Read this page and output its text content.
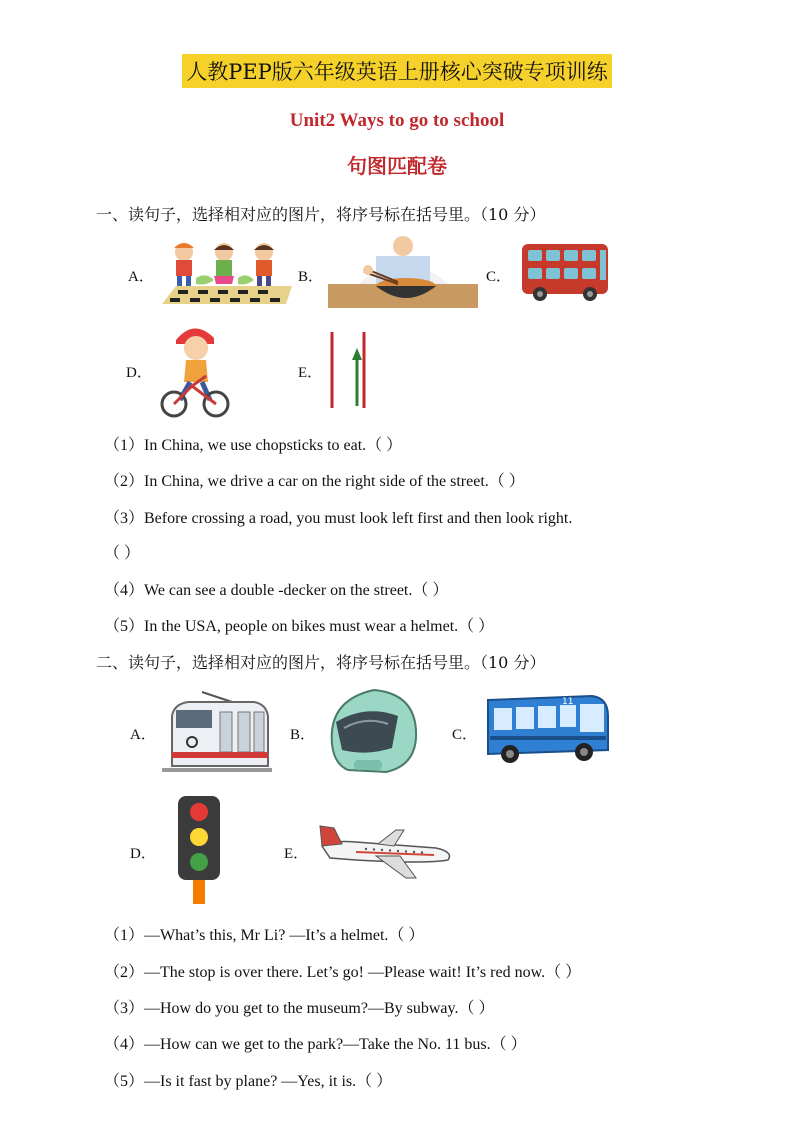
人教PEP版六年级英语上册核心突破专项训练
Unit2 Ways to go to school
句图匹配卷
一、读句子，选择相对应的图片，将序号标在括号里。（10 分）
A．	B．	C．
D．	E．
（1）In China, we use chopsticks to eat.（ ）
（2）In China, we drive a car on the right side of the street.（ ）
（3）Before crossing a road, you must look left first and then look right.
（ ）
（4）We can see a double -decker on the street.（ ）
（5）In the USA, people on bikes must wear a helmet.（ ）
二、读句子，选择相对应的图片，将序号标在括号里。（10 分）
A．	B．	C．
11
D．	E．
（1）—What’s this, Mr Li? —It’s a helmet.（ ）
（2）—The stop is over there. Let’s go! —Please wait! It’s red now.（ ）
（3）—How do you get to the museum?—By subway.（ ）
（4）—How can we get to the park?—Take the No. 11 bus.（ ）
（5）—Is it fast by plane? —Yes, it is.（ ）
